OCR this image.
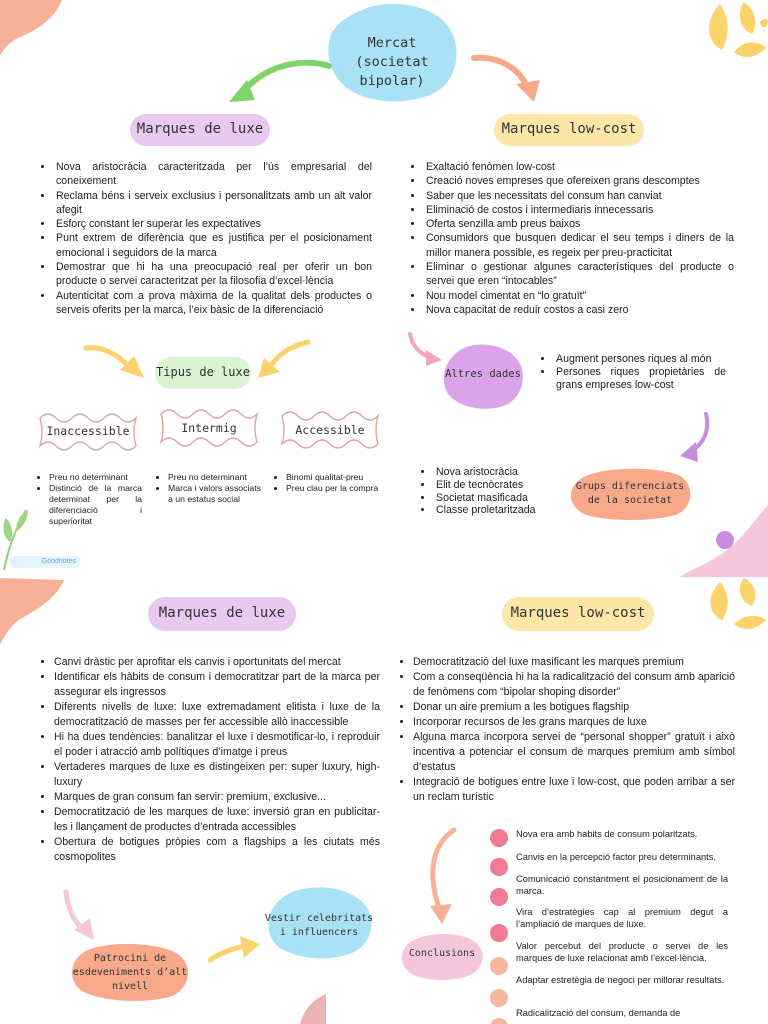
Goodnotes
Mercat
(societat bipolar)
Marques de luxe	Marques low-cost
• Nova aristocràcia caracteritzada per l’ús empresarial del coneixement
• Reclama béns i serveix exclusius i personalitzats amb un alt valor afegit
• Esforç constant ler superar les expectatives
• Punt extrem de diferència que es justifica per el posicionament emocional i seguidors de la marca
• Demostrar que hi ha una preocupació real per oferir un bon producte o servei caracteritzat per la filosofia d’excel·lència
• Autenticitat com a prova màxima de la qualitat dels productes o serveis oferits per la marca, l’eix bàsic de la diferenciació
• Exaltació fenòmen low-cost
• Creació noves empreses que ofereixen grans descomptes
• Saber que les necessitats del consum han canviat
• Eliminació de costos i intermediaris innecessaris
• Oferta senzilla amb preus baixos
• Consumidors que busquen dedicar el seu temps i diners de la millor manera possible, es regeix per preu-practicitat
• Eliminar o gestionar algunes característiques del producte o servei que eren “intocables”
• Nou model cimentat en “lo gratuït”
• Nova capacitat de reduir costos a casi zero
Tipus de luxe
Inaccessible	Intermig	Accessible
• Preu no determinant
• Distinció de la marca determinat per la diferenciació i superioritat
• Preu no determinant
• Marca i valors associats a un estatus social
• Binomi qualitat-preu
• Preu clau per la compra
Altres dades
• Augment persones riques al món
• Persones riques propietàries de grans empreses low-cost
• Nova aristocràcia
• Elit de tecnòcrates
• Societat masificada
• Classe proletaritzada
Grups diferenciats
de la societat
Marques de luxe	Marques low-cost
• Canvi dràstic per aprofitar els canvis i oportunitats del mercat
• Identificar els hàbits de consum i democratitzar part de la marca per assegurar els ingressos
• Diferents nivells de luxe: luxe extremadament elitista i luxe de la democratització de masses per fer accessible allò inaccessible
• Hi ha dues tendències: banalitzar el luxe i desmotificar-lo, i reproduir el poder i atracció amb polítiques d’imatge i preus
• Vertaderes marques de luxe es distingeixen per: super luxury, high-luxury
• Marques de gran consum fan servir: premium, exclusive...
• Democratització de les marques de luxe: inversió gran en publicitar-les i llançament de productes d’entrada accessibles
• Obertura de botigues pròpies com a flagships a les ciutats més cosmopolites
• Democratització del luxe masificant les marques premium
• Com a conseqüència hi ha la radicalització del consum amb aparició de fenòmens com “bipolar shoping disorder”
• Donar un aire premium a les botigues flagship
• Incorporar recursos de les grans marques de luxe
• Alguna marca incorpora servei de “personal shopper” gratuït i això incentiva a potenciar el consum de marques premium amb símbol d’estatus
• Integració de botigues entre luxe i low-cost, que poden arribar a ser un reclam turístic
Patrocini de
esdeveniments d’alt
nivell
Vestir celebritats
i influencers
Conclusions
Nova era amb habits de consum polaritzats.
Canvis en la percepció factor preu determinants.
Comunicació constantment el posicionament de la marca.
Vira d’estratègies cap al premium degut a l’ampliació de marques de luxe.
Valor percebut del producte o servei de les marques de luxe relacionat amb l’excel·lència.
Adaptar estretègia de negoci per millorar resultats.
Radicalització del consum, demanda de
